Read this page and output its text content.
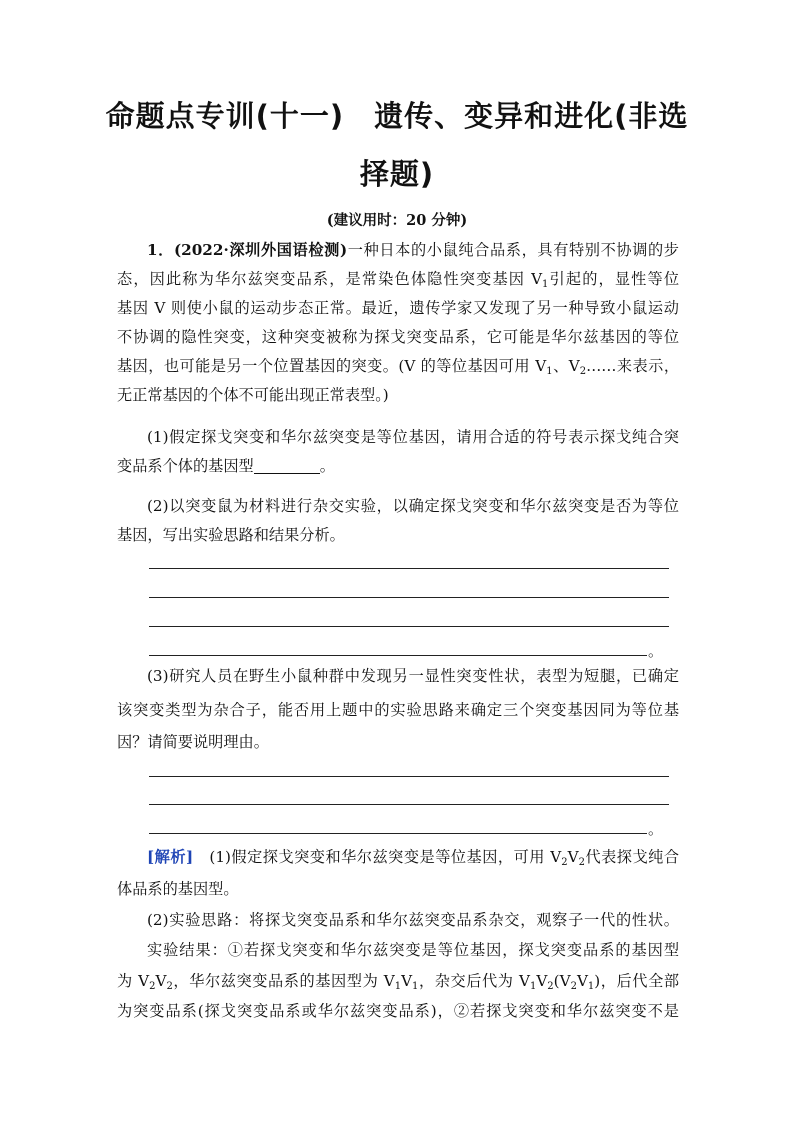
命题点专训(十一)　遗传、变异和进化(非选
择题)
(建议用时：20 分钟)

1．(2022·深圳外国语检测)一种日本的小鼠纯合品系，具有特别不协调的步

态，因此称为华尔兹突变品系，是常染色体隐性突变基因 $V_1$引起的，显性等位

基因 V 则使小鼠的运动步态正常。最近，遗传学家又发现了另一种导致小鼠运动

不协调的隐性突变，这种突变被称为探戈突变品系，它可能是华尔兹基因的等位

基因，也可能是另一个位置基因的突变。(V 的等位基因可用 $V_1$、$V_2\dots\dots$来表示，

无正常基因的个体不可能出现正常表型。)

(1)假定探戈突变和华尔兹突变是等位基因，请用合适的符号表示探戈纯合突

变品系个体的基因型	。

(2)以突变鼠为材料进行杂交实验，以确定探戈突变和华尔兹突变是否为等位

基因，写出实验思路和结果分析。

。

(3)研究人员在野生小鼠种群中发现另一显性突变性状，表型为短腿，已确定

该突变类型为杂合子，能否用上题中的实验思路来确定三个突变基因同为等位基

因？请简要说明理由。

。

[解析]　 (1)假定探戈突变和华尔兹突变是等位基因，可用 $V_2V_2$代表探戈纯合

体品系的基因型。

(2)实验思路：将探戈突变品系和华尔兹突变品系杂交，观察子一代的性状。

实验结果：①若探戈突变和华尔兹突变是等位基因，探戈突变品系的基因型

为 $V_2V_2$，华尔兹突变品系的基因型为 $V_1V_1$，杂交后代为 $V_1V_2(V_2V_1)$，后代全部

为突变品系(探戈突变品系或华尔兹突变品系)，②若探戈突变和华尔兹突变不是
